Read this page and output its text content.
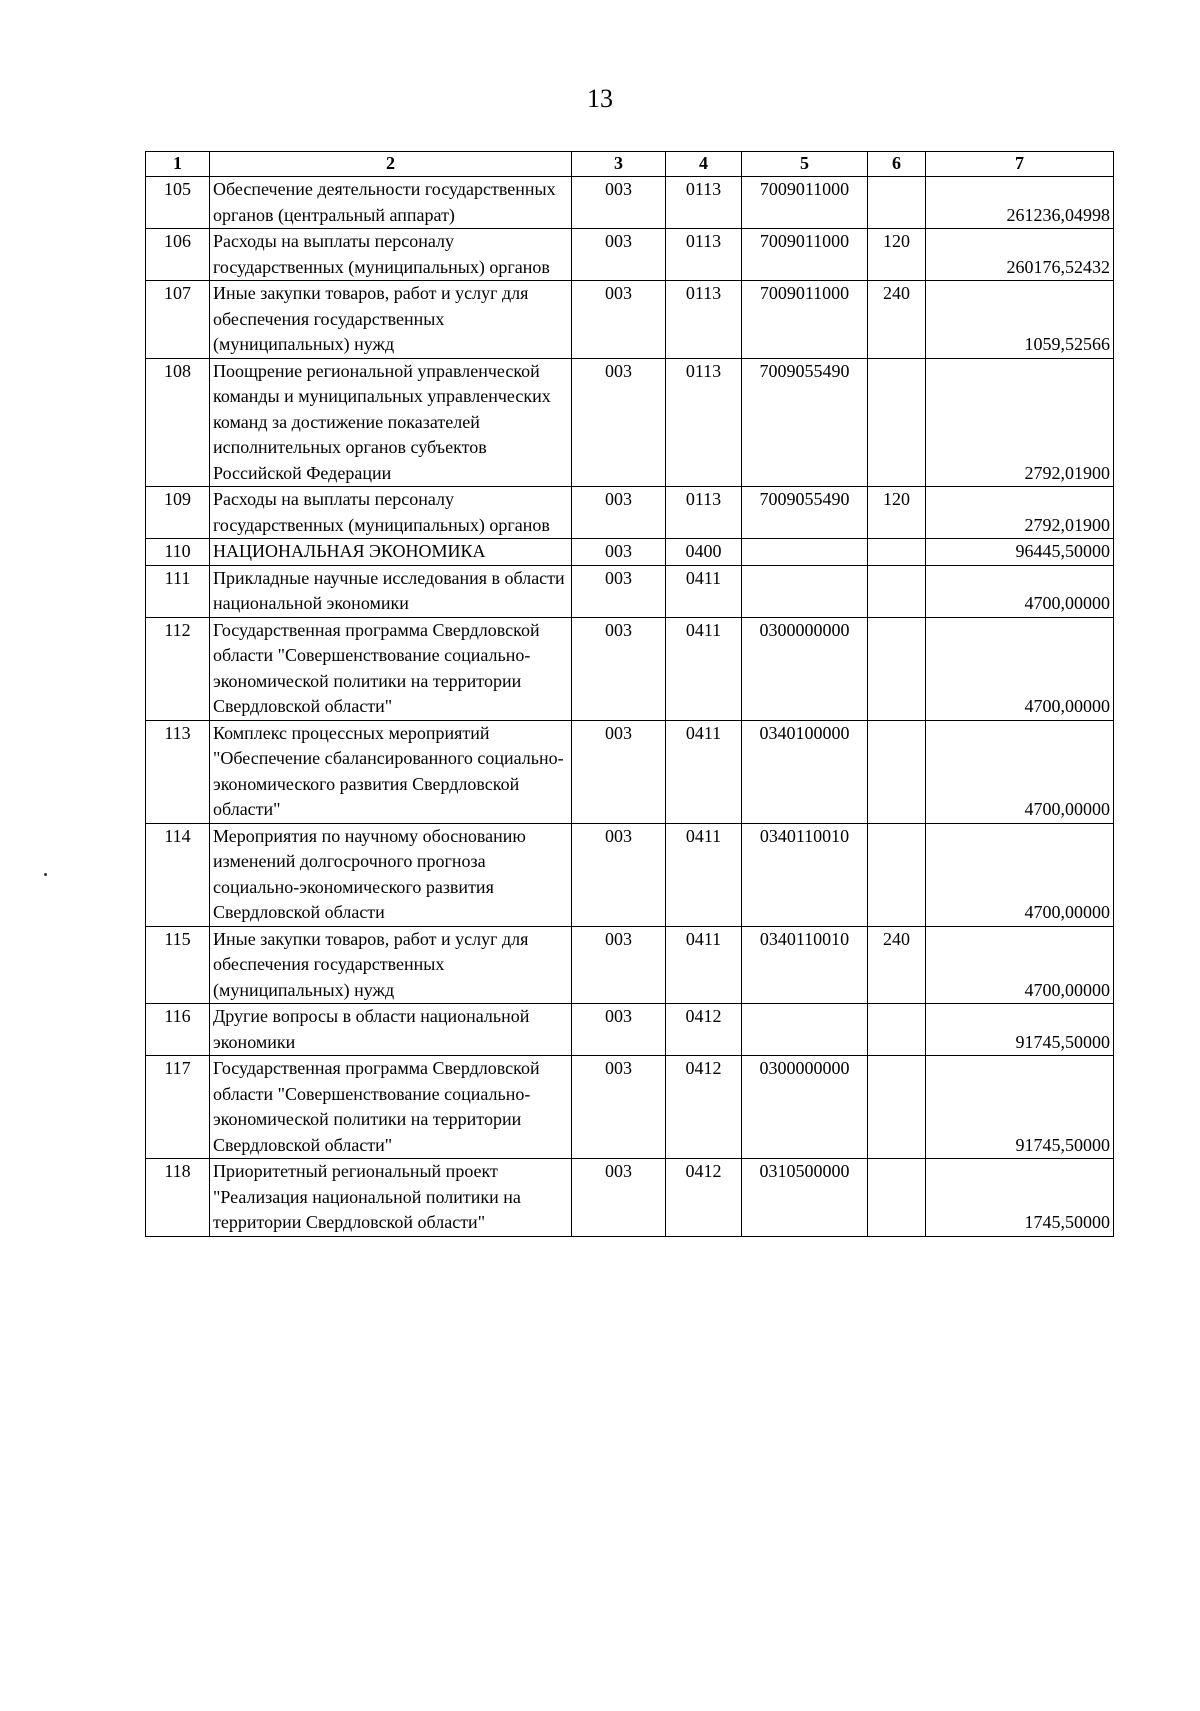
13
1	2	3	4	5	6	7
105	Обеспечение деятельности государственных органов (центральный аппарат)	003	0113	7009011000		261236,04998
106	Расходы на выплаты персоналу государственных (муниципальных) органов	003	0113	7009011000	120	260176,52432
107	Иные закупки товаров, работ и услуг для обеспечения государственных (муниципальных) нужд	003	0113	7009011000	240	1059,52566
108	Поощрение региональной управленческой команды и муниципальных управленческих команд за достижение показателей исполнительных органов субъектов Российской Федерации	003	0113	7009055490		2792,01900
109	Расходы на выплаты персоналу государственных (муниципальных) органов	003	0113	7009055490	120	2792,01900
110	НАЦИОНАЛЬНАЯ ЭКОНОМИКА	003	0400			96445,50000
111	Прикладные научные исследования в области национальной экономики	003	0411			4700,00000
112	Государственная программа Свердловской области "Совершенствование социально-экономической политики на территории Свердловской области"	003	0411	0300000000		4700,00000
113	Комплекс процессных мероприятий "Обеспечение сбалансированного социально-экономического развития Свердловской области"	003	0411	0340100000		4700,00000
114	Мероприятия по научному обоснованию изменений долгосрочного прогноза социально-экономического развития Свердловской области	003	0411	0340110010		4700,00000
115	Иные закупки товаров, работ и услуг для обеспечения государственных (муниципальных) нужд	003	0411	0340110010	240	4700,00000
116	Другие вопросы в области национальной экономики	003	0412			91745,50000
117	Государственная программа Свердловской области "Совершенствование социально-экономической политики на территории Свердловской области"	003	0412	0300000000		91745,50000
118	Приоритетный региональный проект "Реализация национальной политики на территории Свердловской области"	003	0412	0310500000		1745,50000
